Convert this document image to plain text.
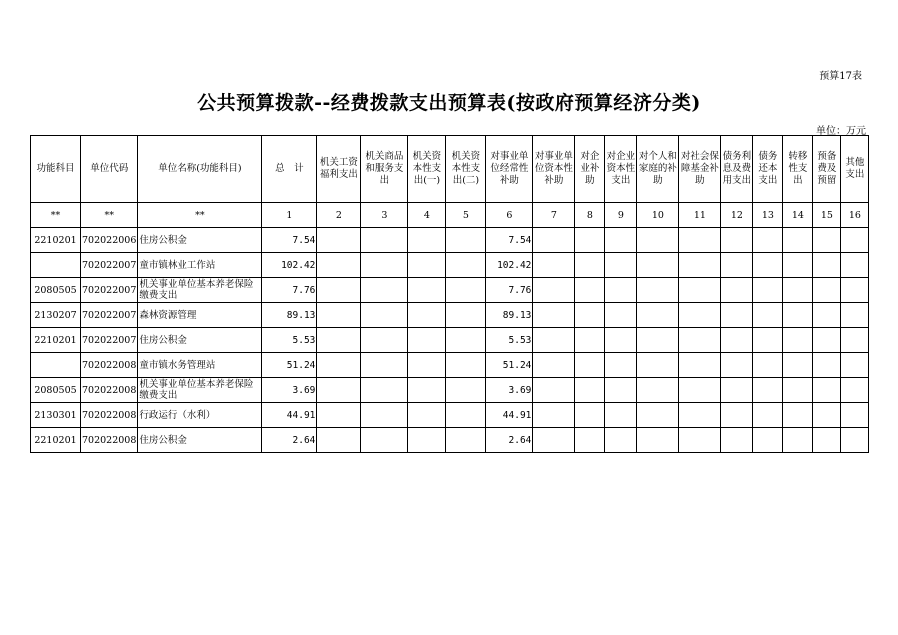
预算17表
公共预算拨款--经费拨款支出预算表(按政府预算经济分类)
单位：万元
功能科目	单位代码	单位名称(功能科目)	总　计	机关工资福利支出	机关商品和服务支出	机关资本性支出(一)	机关资本性支出(二)	对事业单位经常性补助	对事业单位资本性补助	对企业补助	对企业资本性支出	对个人和家庭的补助	对社会保障基金补助	债务利息及费用支出	债务还本支出	转移性支出	预备费及预留	其他支出
**	**	**	1	2	3	4	5	6	7	8	9	10	11	12	13	14	15	16
2210201	702022006	住房公积金	7.54					7.54										
	702022007	童市镇林业工作站	102.42					102.42										
2080505	702022007	机关事业单位基本养老保险缴费支出	7.76					7.76										
2130207	702022007	森林资源管理	89.13					89.13										
2210201	702022007	住房公积金	5.53					5.53										
	702022008	童市镇水务管理站	51.24					51.24										
2080505	702022008	机关事业单位基本养老保险缴费支出	3.69					3.69										
2130301	702022008	行政运行（水利）	44.91					44.91										
2210201	702022008	住房公积金	2.64					2.64										
